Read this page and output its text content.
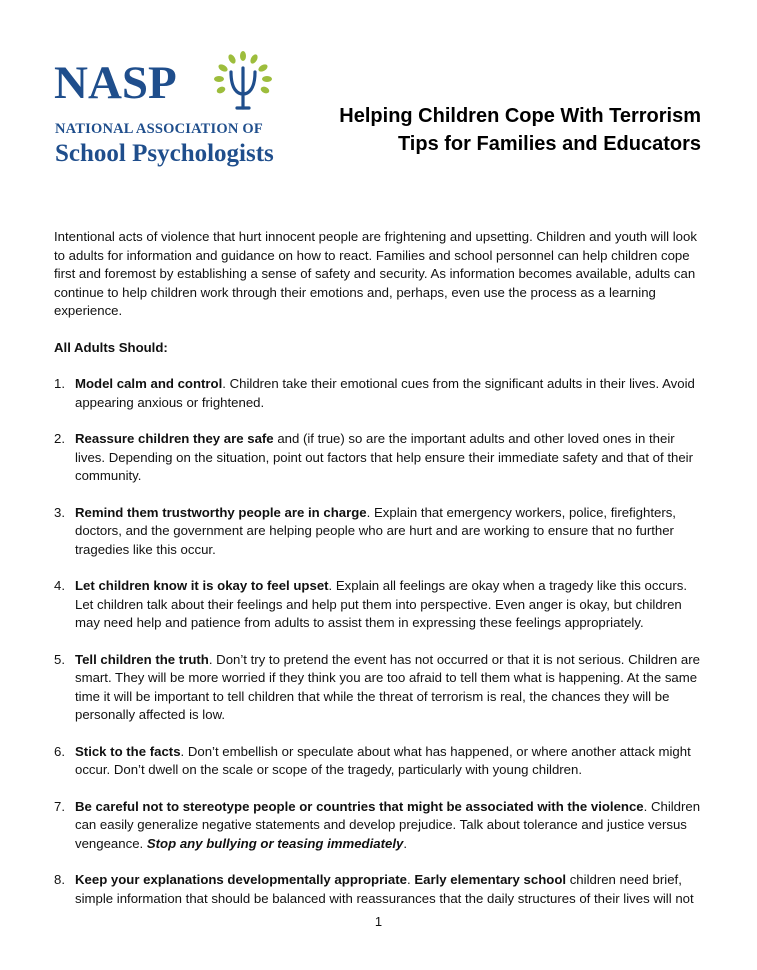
NASP
NATIONAL ASSOCIATION OF
School Psychologists
Helping Children Cope With Terrorism
Tips for Families and Educators

Intentional acts of violence that hurt innocent people are frightening and upsetting. Children and youth will look to adults for information and guidance on how to react. Families and school personnel can help children cope first and foremost by establishing a sense of safety and security. As information becomes available, adults can continue to help children work through their emotions and, perhaps, even use the process as a learning experience.

All Adults Should:

1. Model calm and control. Children take their emotional cues from the significant adults in their lives. Avoid appearing anxious or frightened.
2. Reassure children they are safe and (if true) so are the important adults and other loved ones in their lives. Depending on the situation, point out factors that help ensure their immediate safety and that of their community.
3. Remind them trustworthy people are in charge. Explain that emergency workers, police, firefighters, doctors, and the government are helping people who are hurt and are working to ensure that no further tragedies like this occur.
4. Let children know it is okay to feel upset. Explain all feelings are okay when a tragedy like this occurs. Let children talk about their feelings and help put them into perspective. Even anger is okay, but children may need help and patience from adults to assist them in expressing these feelings appropriately.
5. Tell children the truth. Don’t try to pretend the event has not occurred or that it is not serious. Children are smart. They will be more worried if they think you are too afraid to tell them what is happening. At the same time it will be important to tell children that while the threat of terrorism is real, the chances they will be personally affected is low.
6. Stick to the facts. Don’t embellish or speculate about what has happened, or where another attack might occur. Don’t dwell on the scale or scope of the tragedy, particularly with young children.
7. Be careful not to stereotype people or countries that might be associated with the violence. Children can easily generalize negative statements and develop prejudice. Talk about tolerance and justice versus vengeance. Stop any bullying or teasing immediately.
8. Keep your explanations developmentally appropriate. Early elementary school children need brief, simple information that should be balanced with reassurances that the daily structures of their lives will not
1
